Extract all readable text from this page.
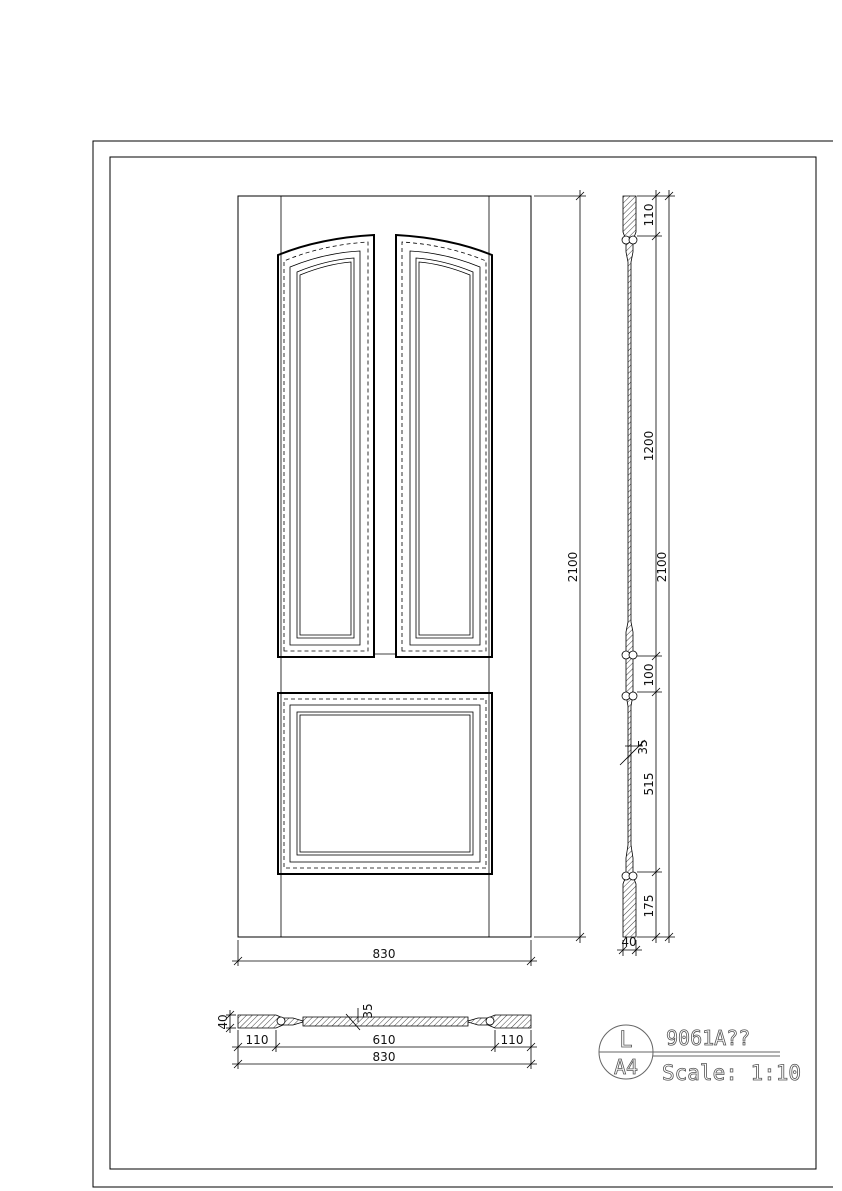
830
2100
110
1200
2100
100
35
515
175
40
40
35
110	610	110
830
L
A4
9061A??
Scale: 1:10
